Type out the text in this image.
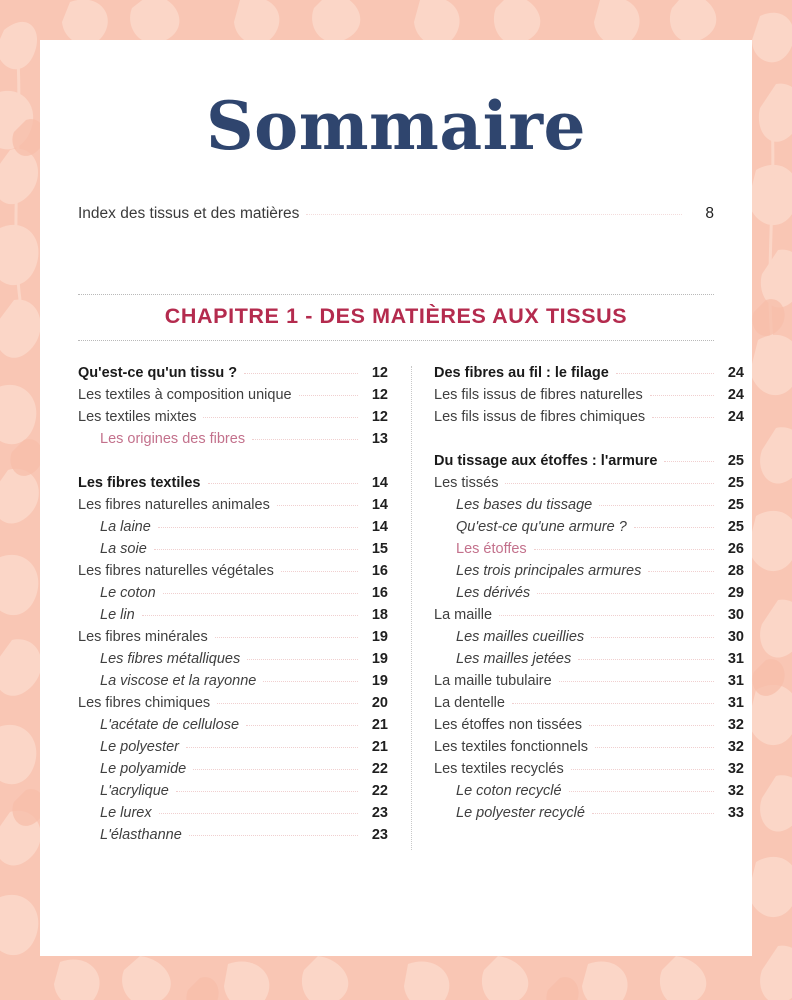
Sommaire
Index des tissus et des matières	8
CHAPITRE 1 - DES MATIÈRES AUX TISSUS
Qu'est-ce qu'un tissu ?	12
Les textiles à composition unique	12
Les textiles mixtes	12
Les origines des fibres	13
Les fibres textiles	14
Les fibres naturelles animales	14
La laine	14
La soie	15
Les fibres naturelles végétales	16
Le coton	16
Le lin	18
Les fibres minérales	19
Les fibres métalliques	19
La viscose et la rayonne	19
Les fibres chimiques	20
L'acétate de cellulose	21
Le polyester	21
Le polyamide	22
L'acrylique	22
Le lurex	23
L'élasthanne	23
Des fibres au fil : le filage	24
Les fils issus de fibres naturelles	24
Les fils issus de fibres chimiques	24
Du tissage aux étoffes : l'armure	25
Les tissés	25
Les bases du tissage	25
Qu'est-ce qu'une armure ?	25
Les étoffes	26
Les trois principales armures	28
Les dérivés	29
La maille	30
Les mailles cueillies	30
Les mailles jetées	31
La maille tubulaire	31
La dentelle	31
Les étoffes non tissées	32
Les textiles fonctionnels	32
Les textiles recyclés	32
Le coton recyclé	32
Le polyester recyclé	33
